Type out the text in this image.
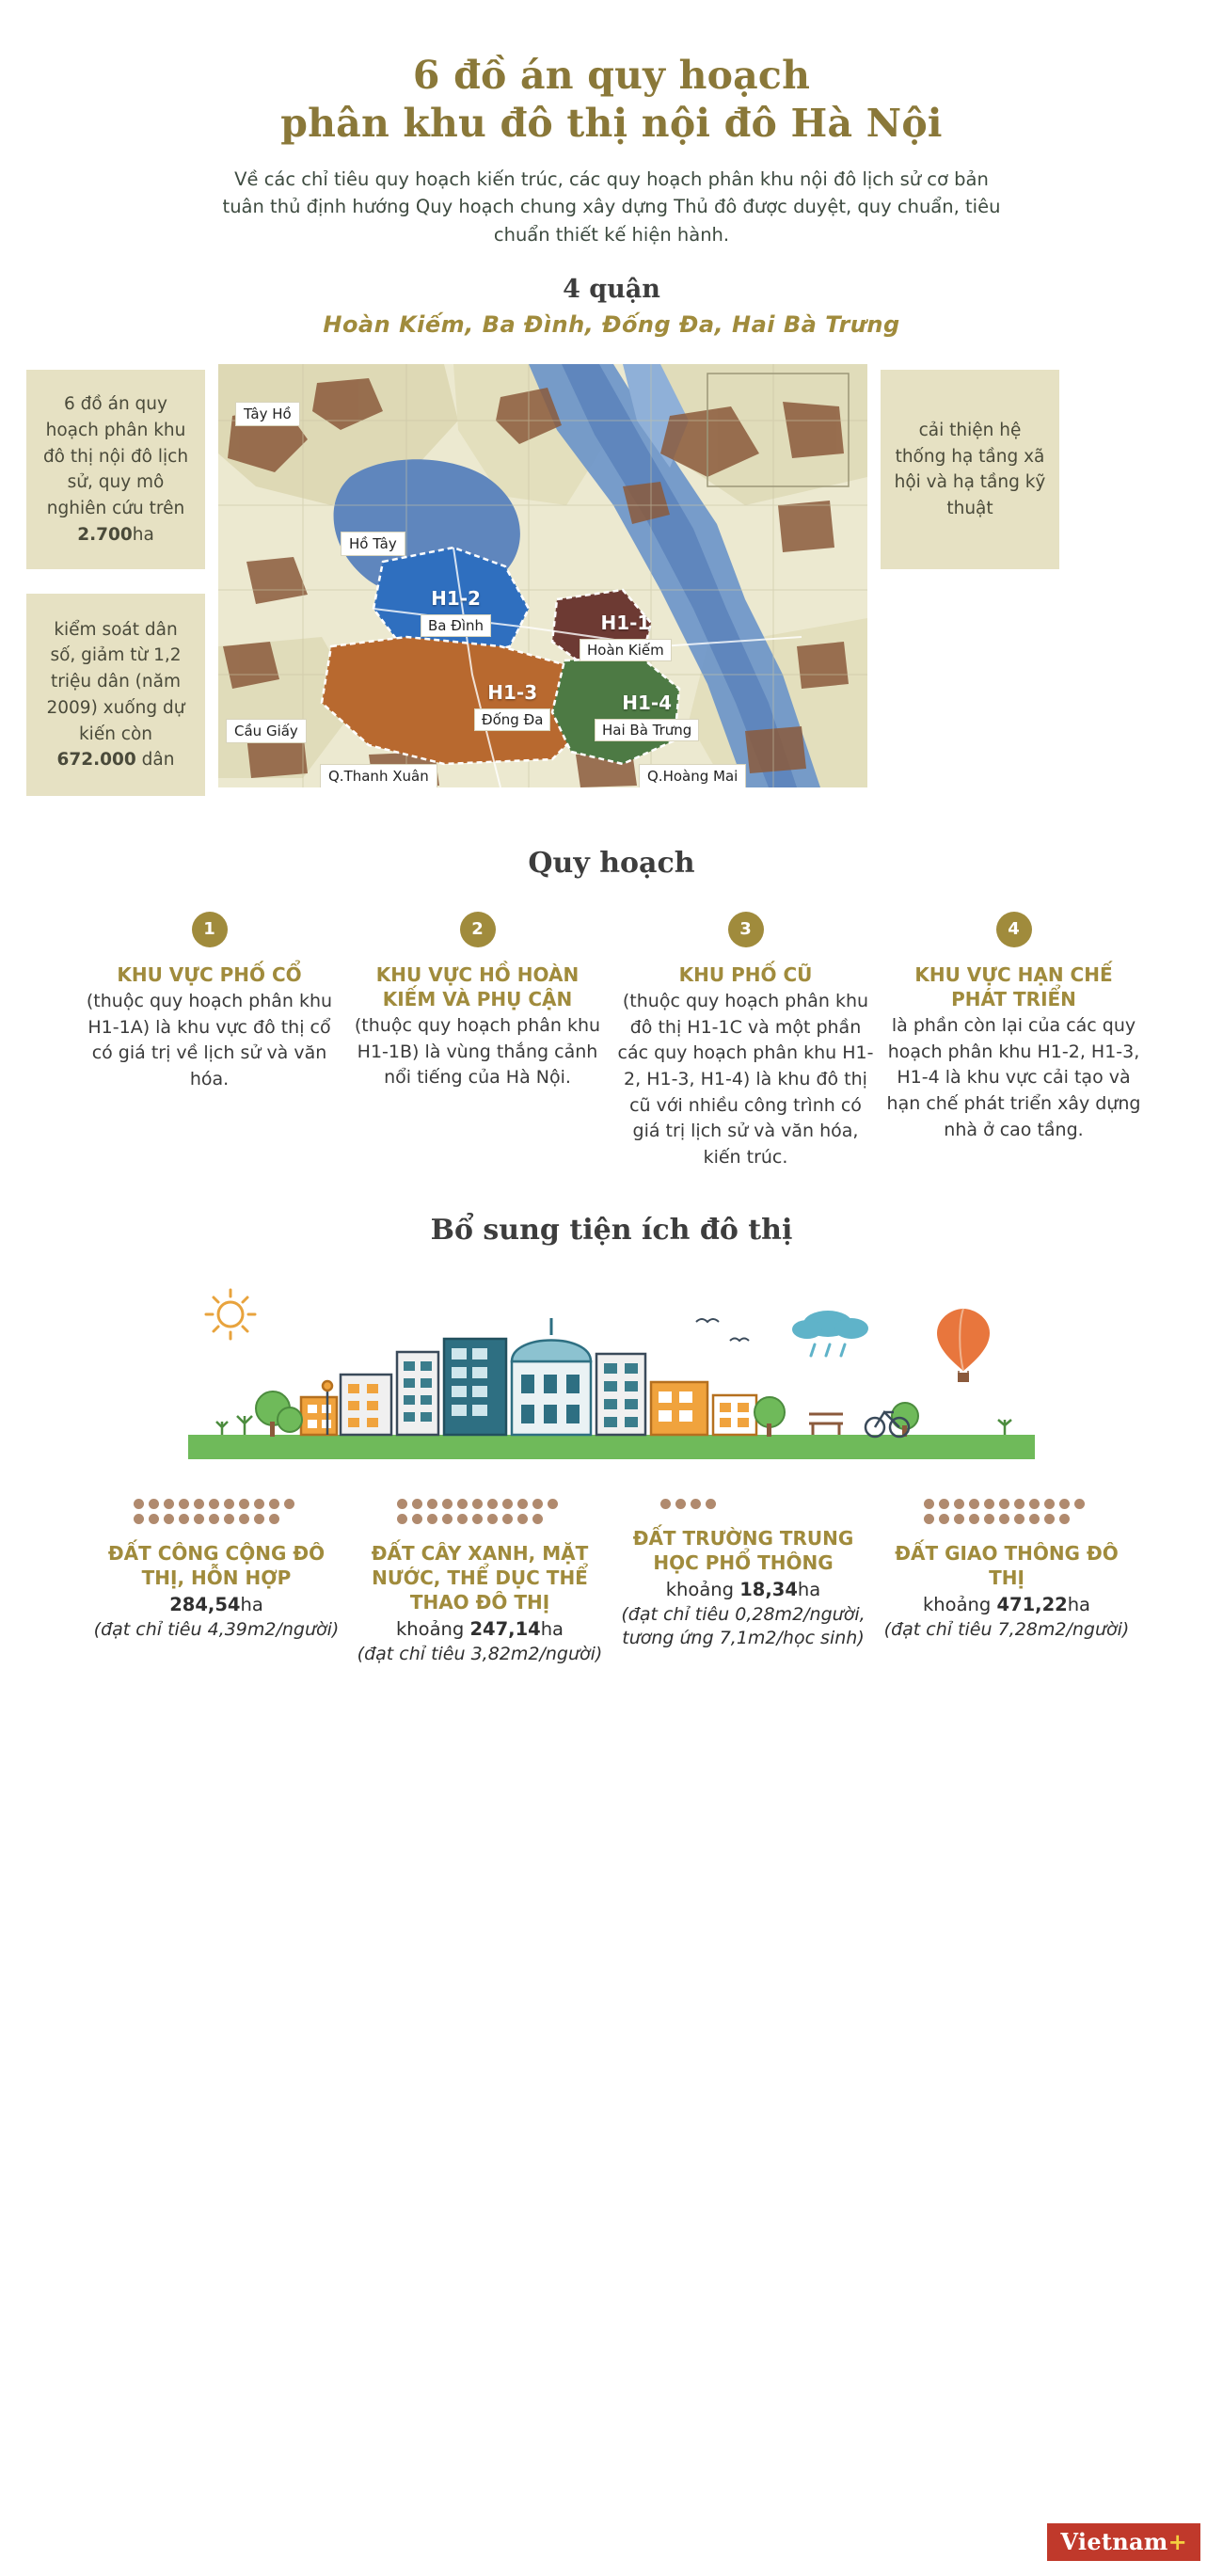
6 đồ án quy hoạch
phân khu đô thị nội đô Hà Nội

Về các chỉ tiêu quy hoạch kiến trúc, các quy hoạch phân khu nội đô lịch sử cơ bản tuân thủ định hướng Quy hoạch chung xây dựng Thủ đô được duyệt, quy chuẩn, tiêu chuẩn thiết kế hiện hành.

4 quận
Hoàn Kiếm, Ba Đình, Đống Đa, Hai Bà Trưng
6 đồ án quy hoạch phân khu đô thị nội đô lịch sử, quy mô nghiên cứu trên 2.700ha
kiểm soát dân số, giảm từ 1,2 triệu dân (năm 2009) xuống dự kiến còn 672.000 dân
Tây Hồ
Hồ Tây
Cầu Giấy
Q.Thanh Xuân	Q.Hoàng Mai
H1-2
Ba Đình	H1-1
Hoàn Kiếm
H1-3
Đống Đa
H1-4
Hai Bà Trưng
cải thiện hệ thống hạ tầng xã hội và hạ tầng kỹ thuật
Quy hoạch
1
KHU VỰC PHỐ CỔ
(thuộc quy hoạch phân khu H1-1A) là khu vực đô thị cổ có giá trị về lịch sử và văn hóa.
2
KHU VỰC HỒ HOÀN KIẾM VÀ PHỤ CẬN
(thuộc quy hoạch phân khu H1-1B) là vùng thắng cảnh nổi tiếng của Hà Nội.
3
KHU PHỐ CŨ
(thuộc quy hoạch phân khu đô thị H1-1C và một phần các quy hoạch phân khu H1-2, H1-3, H1-4) là khu đô thị cũ với nhiều công trình có giá trị lịch sử và văn hóa, kiến trúc.
4
KHU VỰC HẠN CHẾ PHÁT TRIỂN
là phần còn lại của các quy hoạch phân khu H1-2, H1-3, H1-4 là khu vực cải tạo và hạn chế phát triển xây dựng nhà ở cao tầng.
Bổ sung tiện ích đô thị
ĐẤT CÔNG CỘNG ĐÔ THỊ, HỖN HỢP
284,54ha
(đạt chỉ tiêu 4,39m2/người)
ĐẤT CÂY XANH, MẶT NƯỚC, THỂ DỤC THỂ THAO ĐÔ THỊ
khoảng 247,14ha
(đạt chỉ tiêu 3,82m2/người)
ĐẤT TRƯỜNG TRUNG HỌC PHỔ THÔNG
khoảng 18,34ha
(đạt chỉ tiêu 0,28m2/người, tương ứng 7,1m2/học sinh)
ĐẤT GIAO THÔNG ĐÔ THỊ
khoảng 471,22ha
(đạt chỉ tiêu 7,28m2/người)
Vietnam+
